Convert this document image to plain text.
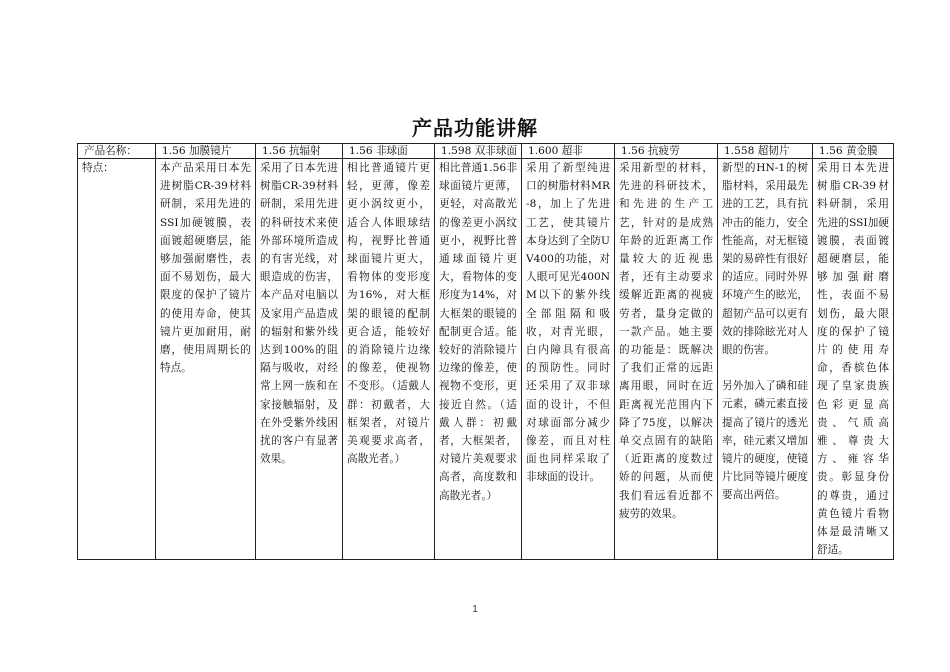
产品功能讲解
产品名称：	1.56 加膜镜片	1.56 抗辐射	1.56 非球面	1.598 双非球面	1.600 超非	1.56 抗疲劳	1.558 超韧片	1.56 黄金膜
特点：	本产品采用日本先进树脂CR-39材料研制，采用先进的SSI加硬镀膜，表面镀超硬磨层，能够加强耐磨性，表面不易划伤，最大限度的保护了镜片的使用寿命，使其镜片更加耐用，耐磨，使用周期长的特点。	采用了日本先进树脂CR-39材料研制，采用先进的科研技术来使外部环境所造成的有害光线，对眼造成的伤害，本产品对电脑以及家用产品造成的辐射和紫外线达到100%的阻隔与吸收，对经常上网一族和在家接触辐射，及在外受紫外线困扰的客户有显著效果。	相比普通镜片更轻，更薄，像差更小涡纹更小，适合人体眼球结构，视野比普通球面镜片更大，看物体的变形度为16%，对大框架的眼镜的配制更合适，能较好的消除镜片边缘的像差，使视物不变形。（适戴人群：初戴者，大框架者，对镜片美观要求高者，高散光者。）	相比普通1.56非球面镜片更薄，更轻，对高散光的像差更小涡纹更小，视野比普通球面镜片更大，看物体的变形度为14%，对大框架的眼镜的配制更合适。能较好的消除镜片边缘的像差，使视物不变形，更接近自然。（适戴人群：初戴者，大框架者，对镜片美观要求高者，高度数和高散光者。）	采用了新型纯进口的树脂材料MR-8，加上了先进工艺，使其镜片本身达到了全防UV400的功能，对人眼可见光400NM以下的紫外线全部阻隔和吸收，对青光眼，白内障具有很高的预防性。同时还采用了双非球面的设计，不但对球面部分减少像差，而且对柱面也同样采取了非球面的设计。	采用新型的材料，先进的科研技术，和先进的生产工艺，针对的是成熟年龄的近距离工作量较大的近视患者，还有主动要求缓解近距离的视疲劳者，量身定做的一款产品。她主要的功能是：既解决了我们正常的远距离用眼，同时在近距离视光范围内下降了75度，以解决单交点固有的缺陷（近距离的度数过娇的问题，从而使我们看远看近都不疲劳的效果。	新型的HN-1的树脂材料，采用最先进的工艺，具有抗冲击的能力，安全性能高，对无框镜架的易碎性有很好的适应。同时外界环境产生的眩光，超韧产品可以更有效的排除眩光对人眼的伤害。
另外加入了磷和硅元素，磷元素直接提高了镜片的透光率，硅元素又增加镜片的硬度，使镜片比同等镜片硬度要高出两倍。	采用日本先进树脂CR-39材料研制，采用先进的SSI加硬镀膜，表面镀超硬磨层，能够加强耐磨性，表面不易划伤，最大限度的保护了镜片的使用寿命，香槟色体现了皇家贵族色彩更显高贵、气质高雅、尊贵大方、雍容华贵。彰显身份的尊贵，通过黄色镜片看物体是最清晰又舒适。
1
